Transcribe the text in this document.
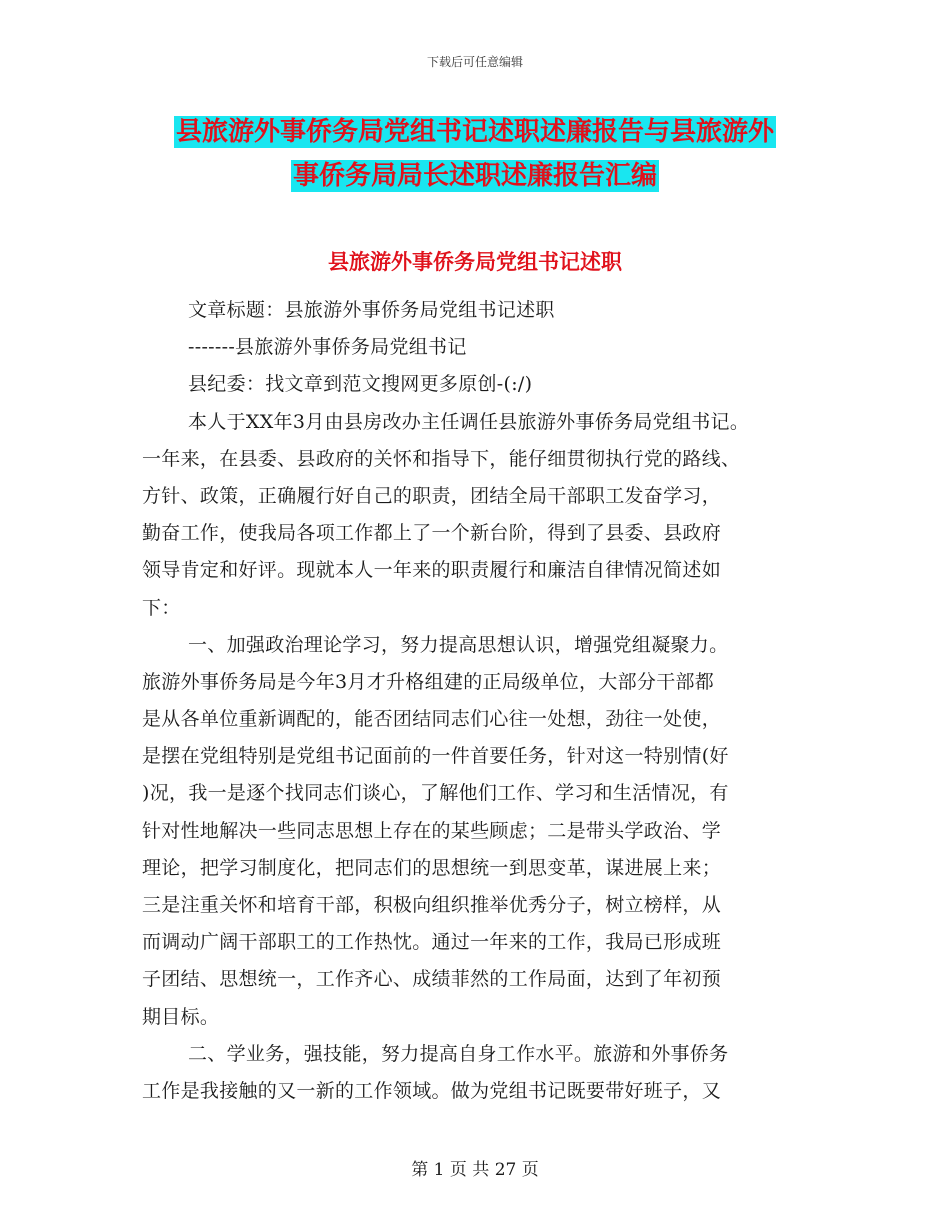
下载后可任意编辑
县旅游外事侨务局党组书记述职述廉报告与县旅游外
事侨务局局长述职述廉报告汇编
县旅游外事侨务局党组书记述职
文章标题：县旅游外事侨务局党组书记述职
-------县旅游外事侨务局党组书记
县纪委：找文章到范文搜网更多原创-(:/)
本人于XX年3月由县房改办主任调任县旅游外事侨务局党组书记。
一年来，在县委、县政府的关怀和指导下，能仔细贯彻执行党的路线、
方针、政策，正确履行好自己的职责，团结全局干部职工发奋学习，
勤奋工作，使我局各项工作都上了一个新台阶，得到了县委、县政府
领导肯定和好评。现就本人一年来的职责履行和廉洁自律情况简述如
下：
一、加强政治理论学习，努力提高思想认识，增强党组凝聚力。
旅游外事侨务局是今年3月才升格组建的正局级单位，大部分干部都
是从各单位重新调配的，能否团结同志们心往一处想，劲往一处使，
是摆在党组特别是党组书记面前的一件首要任务，针对这一特别情(好
)况，我一是逐个找同志们谈心，了解他们工作、学习和生活情况，有
针对性地解决一些同志思想上存在的某些顾虑；二是带头学政治、学
理论，把学习制度化，把同志们的思想统一到思变革，谋进展上来；
三是注重关怀和培育干部，积极向组织推举优秀分子，树立榜样，从
而调动广阔干部职工的工作热忱。通过一年来的工作，我局已形成班
子团结、思想统一，工作齐心、成绩菲然的工作局面，达到了年初预
期目标。
二、学业务，强技能，努力提高自身工作水平。旅游和外事侨务
工作是我接触的又一新的工作领域。做为党组书记既要带好班子，又
第 1 页 共 27 页
